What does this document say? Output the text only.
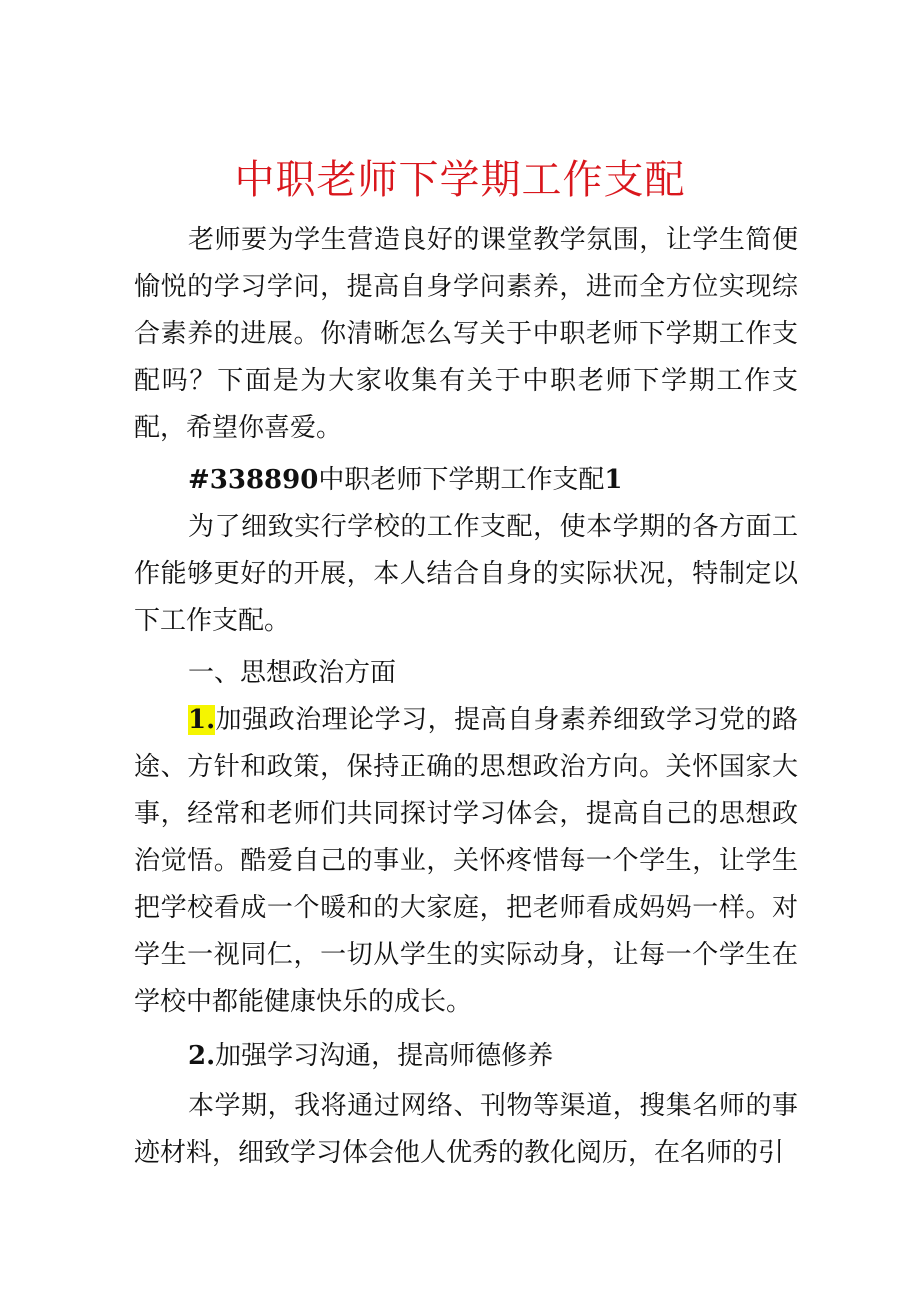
中职老师下学期工作支配
老师要为学生营造良好的课堂教学氛围，让学生简便愉悦的学习学问，提高自身学问素养，进而全方位实现综合素养的进展。你清晰怎么写关于中职老师下学期工作支配吗？下面是为大家收集有关于中职老师下学期工作支配，希望你喜爱。
#338890中职老师下学期工作支配1
为了细致实行学校的工作支配，使本学期的各方面工作能够更好的开展，本人结合自身的实际状况，特制定以下工作支配。
一、思想政治方面
1.加强政治理论学习，提高自身素养细致学习党的路途、方针和政策，保持正确的思想政治方向。关怀国家大事，经常和老师们共同探讨学习体会，提高自己的思想政治觉悟。酷爱自己的事业，关怀疼惜每一个学生，让学生把学校看成一个暖和的大家庭，把老师看成妈妈一样。对学生一视同仁，一切从学生的实际动身，让每一个学生在学校中都能健康快乐的成长。
2.加强学习沟通，提高师德修养
本学期，我将通过网络、刊物等渠道，搜集名师的事迹材料，细致学习体会他人优秀的教化阅历，在名师的引
